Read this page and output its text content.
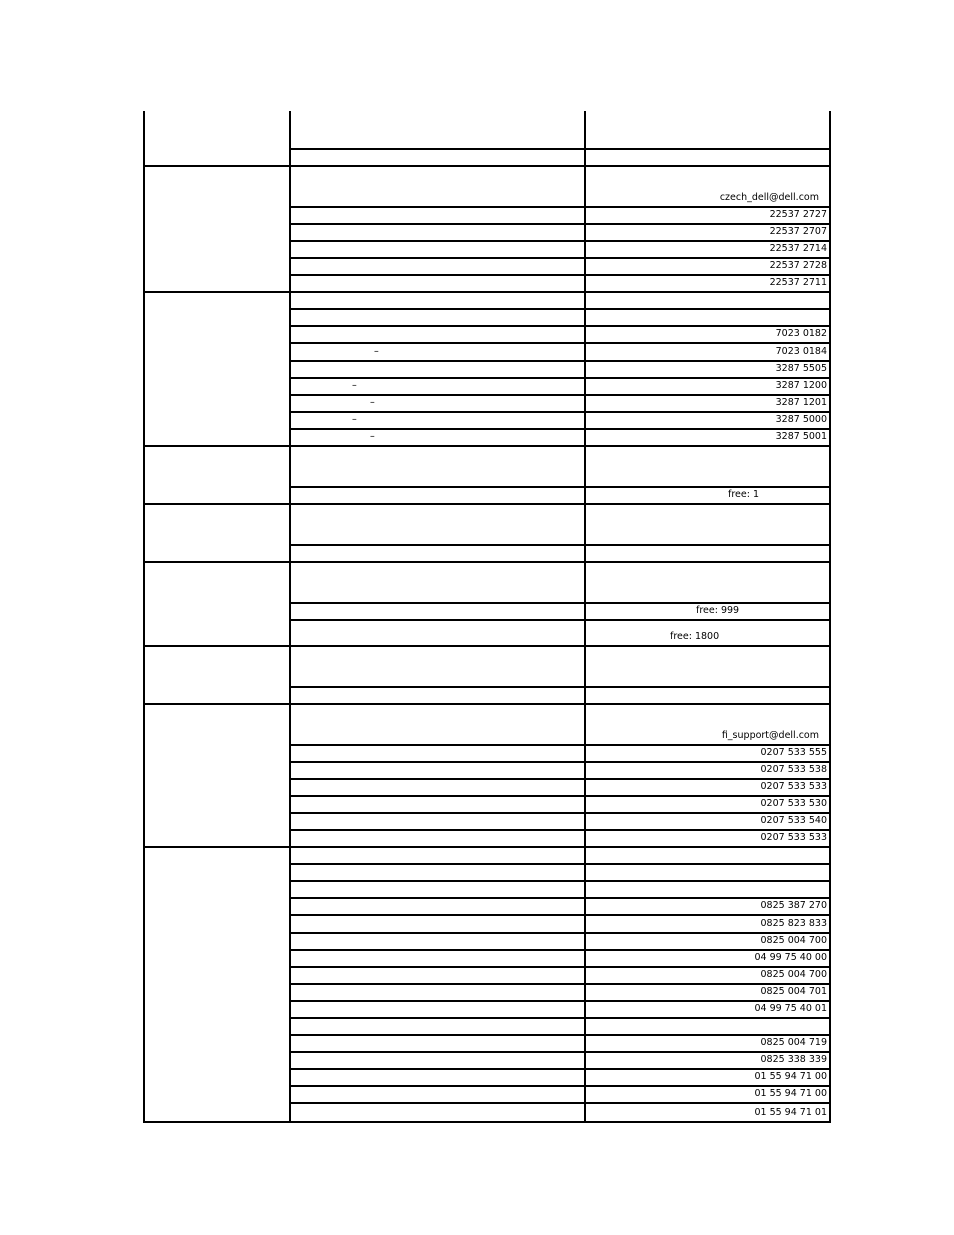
czech_dell@dell.com
22537 2727
22537 2707
22537 2714
22537 2728
22537 2711
7023 0182
–	7023 0184
3287 5505
–	3287 1200
–	3287 1201
–	3287 5000
–	3287 5001
free: 1
free: 999
free: 1800
fi_support@dell.com
0207 533 555
0207 533 538
0207 533 533
0207 533 530
0207 533 540
0207 533 533
0825 387 270
0825 823 833
0825 004 700
04 99 75 40 00
0825 004 700
0825 004 701
04 99 75 40 01
0825 004 719
0825 338 339
01 55 94 71 00
01 55 94 71 00
01 55 94 71 01
